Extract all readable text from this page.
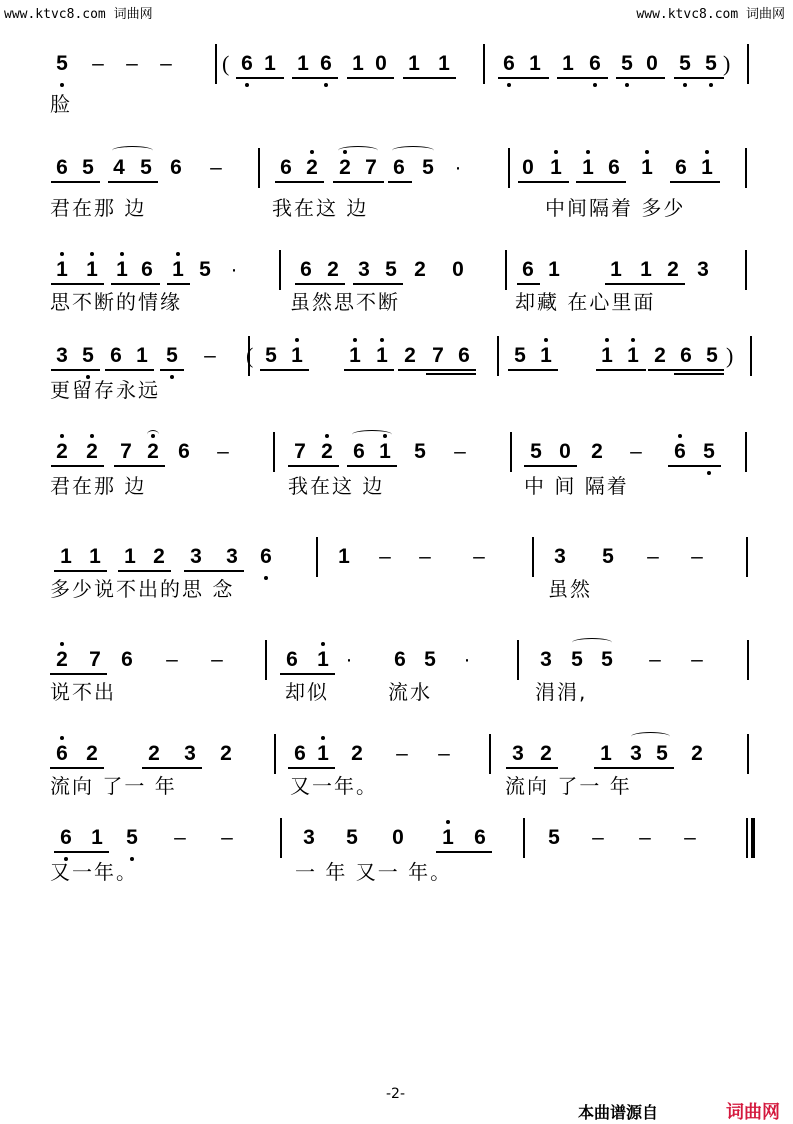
www.ktvc8.com 词曲网	www.ktvc8.com 词曲网
(	)
5 – – –	6 1 1 6 1 0 1 1	6 1 1 6 5 0 5 5
脸
6 5 4 5 6 –	6 2 2 7 6 5 ·	0 1 1 6 1 6 1
君在那 边	我在这 边	中间隔着 多少
1 1 1 6 1 5 ·	6 2 3 5 2 0	6 1 1 1 2 3
思不断的情缘	虽然思不断	却藏 在心里面
(	)
3 5 6 1 5 – 5 1 1 1 2 7 6 5 1 1 1 2 6 5
更留存永远
2 2 7 2 6 –	7 2 6 1 5 –	5 0 2 – 6 5
君在那 边	我在这 边	中 间 隔着
1 1 1 2 3 3 6	1 – – –	3 5 – –
多少说不出的思 念	虽然
2 7 6 – –	6 1 · 6 5 ·	3 5 5 – –
说不出	却似	流水	涓涓,
6 2 2 3 2	6 1 2 – –	3 2 1 3 5 2
流向 了一 年	又一年。	流向 了一 年
6 1 5 – –	3 5 0 1 6	5 – – –
又一年。	一 年 又一 年。
-2-
本曲谱源自	词曲网
